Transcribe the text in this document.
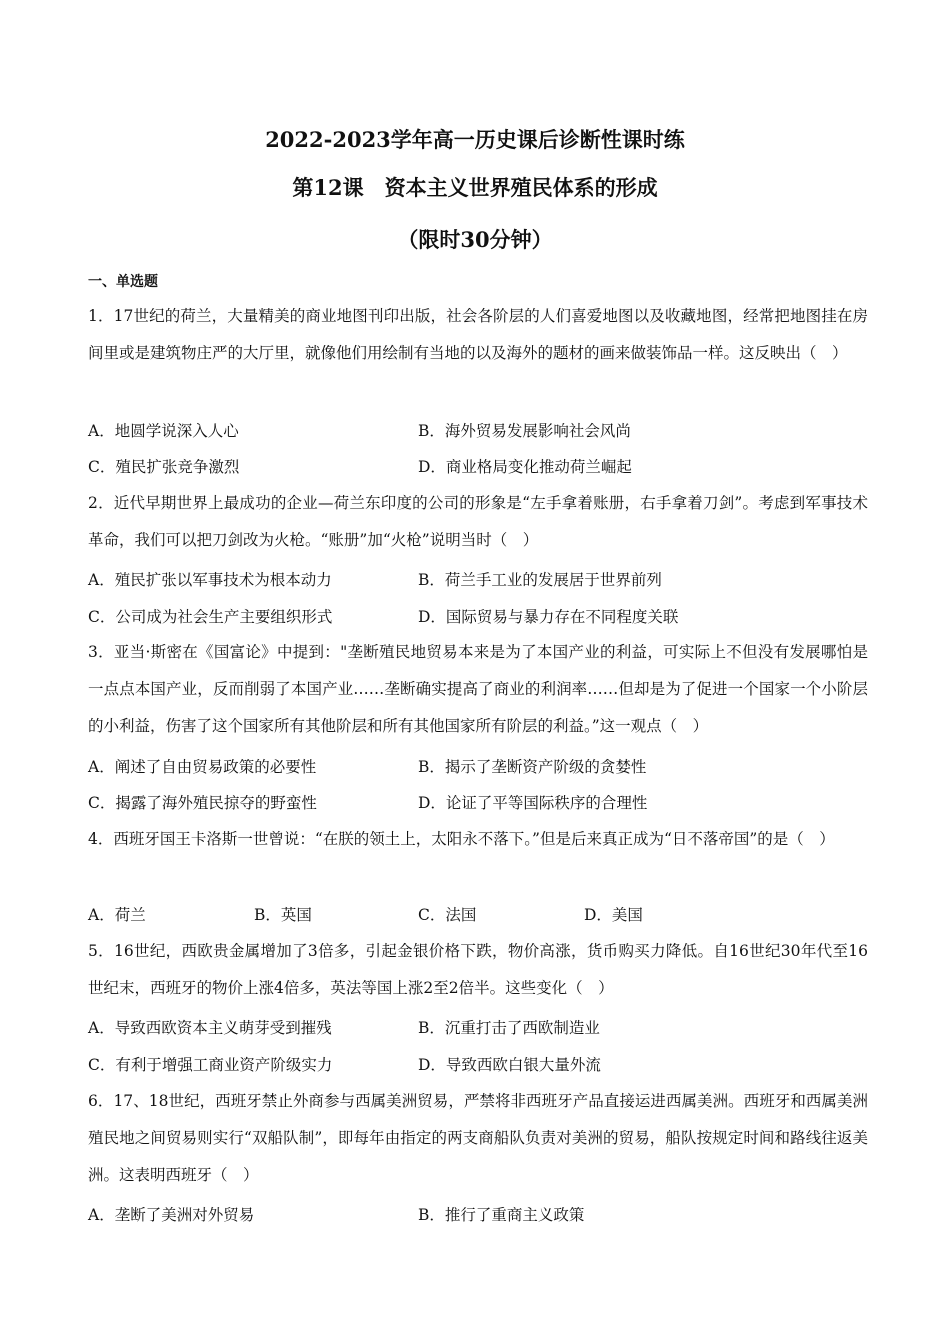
2022-2023学年高一历史课后诊断性课时练
第12课　资本主义世界殖民体系的形成
（限时30分钟）
一、单选题
1．17世纪的荷兰，大量精美的商业地图刊印出版，社会各阶层的人们喜爱地图以及收藏地图，经常把地图挂在房间里或是建筑物庄严的大厅里，就像他们用绘制有当地的以及海外的题材的画来做装饰品一样。这反映出（　）
A．地圆学说深入人心	B．海外贸易发展影响社会风尚
C．殖民扩张竞争激烈	D．商业格局变化推动荷兰崛起
2．近代早期世界上最成功的企业—荷兰东印度的公司的形象是“左手拿着账册，右手拿着刀剑”。考虑到军事技术革命，我们可以把刀剑改为火枪。“账册”加“火枪”说明当时（　）
A．殖民扩张以军事技术为根本动力	B．荷兰手工业的发展居于世界前列
C．公司成为社会生产主要组织形式	D．国际贸易与暴力存在不同程度关联
3．亚当·斯密在《国富论》中提到："垄断殖民地贸易本来是为了本国产业的利益，可实际上不但没有发展哪怕是一点点本国产业，反而削弱了本国产业……垄断确实提高了商业的利润率……但却是为了促进一个国家一个小阶层的小利益，伤害了这个国家所有其他阶层和所有其他国家所有阶层的利益。”这一观点（　）
A．阐述了自由贸易政策的必要性	B．揭示了垄断资产阶级的贪婪性
C．揭露了海外殖民掠夺的野蛮性	D．论证了平等国际秩序的合理性
4．西班牙国王卡洛斯一世曾说：“在朕的领土上，太阳永不落下。”但是后来真正成为“日不落帝国”的是（　）
A．荷兰	B．英国	C．法国	D．美国
5．16世纪，西欧贵金属增加了3倍多，引起金银价格下跌，物价高涨，货币购买力降低。自16世纪30年代至16世纪末，西班牙的物价上涨4倍多，英法等国上涨2至2倍半。这些变化（　）
A．导致西欧资本主义萌芽受到摧残	B．沉重打击了西欧制造业
C．有利于增强工商业资产阶级实力	D．导致西欧白银大量外流
6．17、18世纪，西班牙禁止外商参与西属美洲贸易，严禁将非西班牙产品直接运进西属美洲。西班牙和西属美洲殖民地之间贸易则实行“双船队制”，即每年由指定的两支商船队负责对美洲的贸易，船队按规定时间和路线往返美洲。这表明西班牙（　）
A．垄断了美洲对外贸易	B．推行了重商主义政策
